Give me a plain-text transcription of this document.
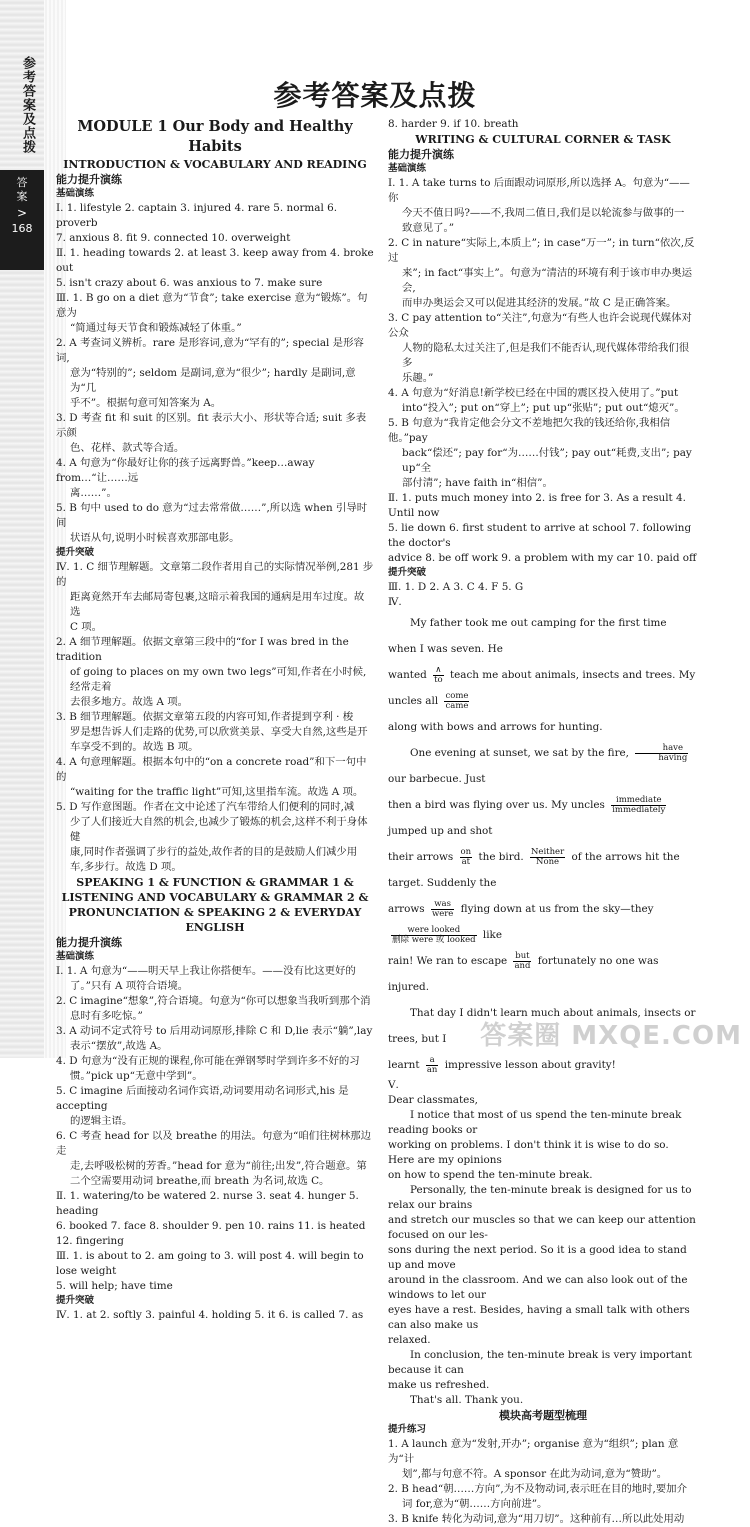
参考答案及点拨
答
案
>
168
参考答案及点拨
MODULE 1 Our Body and Healthy Habits
INTRODUCTION & VOCABULARY AND READING
能力提升演练
基础演练
Ⅰ. 1. lifestyle 2. captain 3. injured 4. rare 5. normal 6. proverb
7. anxious 8. fit 9. connected 10. overweight
Ⅱ. 1. heading towards 2. at least 3. keep away from 4. broke out
5. isn't crazy about 6. was anxious to 7. make sure
Ⅲ. 1. B go on a diet 意为“节食”; take exercise 意为“锻炼”。句意为
“简通过每天节食和锻炼减轻了体重。”
2. A 考查词义辨析。rare 是形容词,意为“罕有的”; special 是形容词,
意为“特别的”; seldom 是副词,意为“很少”; hardly 是副词,意为“几
乎不”。根据句意可知答案为 A。
3. D 考查 fit 和 suit 的区别。fit 表示大小、形状等合适; suit 多表示颜
色、花样、款式等合适。
4. A 句意为“你最好让你的孩子远离野兽。”keep…away from…“让……远
离……”。
5. B 句中 used to do 意为“过去常常做……”,所以选 when 引导时间
状语从句,说明小时候喜欢那部电影。
提升突破
Ⅳ. 1. C 细节理解题。文章第二段作者用自己的实际情况举例,281 步的
距离竟然开车去邮局寄包裹,这暗示着我国的通病是用车过度。故选
C 项。
2. A 细节理解题。依据文章第三段中的“for I was bred in the tradition
of going to places on my own two legs”可知,作者在小时候,经常走着
去很多地方。故选 A 项。
3. B 细节理解题。依据文章第五段的内容可知,作者提到亨利 · 梭
罗是想告诉人们走路的优势,可以欣赏美景、享受大自然,这些是开
车享受不到的。故选 B 项。
4. A 句意理解题。根据本句中的“on a concrete road”和下一句中的
“waiting for the traffic light”可知,这里指车流。故选 A 项。
5. D 写作意图题。作者在文中论述了汽车带给人们便利的同时,减
少了人们接近大自然的机会,也减少了锻炼的机会,这样不利于身体健
康,同时作者强调了步行的益处,故作者的目的是鼓励人们减少用
车,多步行。故选 D 项。
SPEAKING 1 & FUNCTION & GRAMMAR 1 &
LISTENING AND VOCABULARY & GRAMMAR 2 &
PRONUNCIATION & SPEAKING 2 & EVERYDAY ENGLISH
能力提升演练
基础演练
Ⅰ. 1. A 句意为“——明天早上我让你搭便车。——没有比这更好的
了。”只有 A 项符合语境。
2. C imagine“想象”,符合语境。句意为“你可以想象当我听到那个消
息时有多吃惊。”
3. A 动词不定式符号 to 后用动词原形,排除 C 和 D,lie 表示“躺”,lay
表示“摆放”,故选 A。
4. D 句意为“没有正规的课程,你可能在弹钢琴时学到许多不好的习
惯。”pick up“无意中学到”。
5. C imagine 后面接动名词作宾语,动词要用动名词形式,his 是 accepting
的逻辑主语。
6. C 考查 head for 以及 breathe 的用法。句意为“咱们往树林那边走
走,去呼吸松树的芳香。”head for 意为“前往;出发”,符合题意。第
二个空需要用动词 breathe,而 breath 为名词,故选 C。
Ⅱ. 1. watering/to be watered 2. nurse 3. seat 4. hunger 5. heading
6. booked 7. face 8. shoulder 9. pen 10. rains 11. is heated
12. fingering
Ⅲ. 1. is about to 2. am going to 3. will post 4. will begin to lose weight
5. will help; have time
提升突破
Ⅳ. 1. at 2. softly 3. painful 4. holding 5. it 6. is called 7. as
8. harder 9. if 10. breath
WRITING & CULTURAL CORNER & TASK
能力提升演练
基础演练
Ⅰ. 1. A take turns to 后面跟动词原形,所以选择 A。句意为“——你
今天不值日吗?——不,我周二值日,我们是以轮流参与做事的一
致意见了。”
2. C in nature“实际上,本质上”; in case“万一”; in turn“依次,反过
来”; in fact“事实上”。句意为“清洁的环境有利于该市申办奥运会,
而申办奥运会又可以促进其经济的发展。”故 C 是正确答案。
3. C pay attention to“关注”,句意为“有些人也许会说现代媒体对公众
人物的隐私太过关注了,但是我们不能否认,现代媒体带给我们很多
乐趣。”
4. A 句意为“好消息!新学校已经在中国的震区投入使用了。”put
into“投入”; put on“穿上”; put up“张贴”; put out“熄灭”。
5. B 句意为“我肯定他会分文不差地把欠我的钱还给你,我相信他。”pay
back“偿还”; pay for“为……付钱”; pay out“耗费,支出”; pay up“全
部付清”; have faith in“相信”。
Ⅱ. 1. puts much money into 2. is free for 3. As a result 4. Until now
5. lie down 6. first student to arrive at school 7. following the doctor's
advice 8. be off work 9. a problem with my car 10. paid off
提升突破
Ⅲ. 1. D 2. A 3. C 4. F 5. G
Ⅳ.
My father took me out camping for the first time when I was seven. He
wanted $\frac{\wedge}{to}$ teach me about animals, insects and trees. My uncles all $\frac{\text{come}}{\text{came}}$
along with bows and arrows for hunting.
One evening at sunset, we sat by the fire, $\frac{\text{have}}{\text{having}}$
our barbecue. Just
then a bird was flying over us. My uncles $\frac{\text{immediate}}{\text{immediately}}$
jumped up and shot
their arrows $\frac{on}{at}$ the bird. $\frac{\text{Neither}}{\text{None}}$ of the arrows hit the target. Suddenly the
arrows $\frac{\text{was}}{\text{were}}$ flying down at us from the sky—they
$\frac{\text{were looked}}{\text{删除 were 或 looked}}$ like
rain! We ran to escape $\frac{\text{but}}{\text{and}}$ fortunately no one was injured.
That day I didn't learn much about animals, insects or trees, but I
learnt $\frac{a}{an}$ impressive lesson about gravity!
Ⅴ.
Dear classmates,
I notice that most of us spend the ten-minute break reading books or
working on problems. I don't think it is wise to do so. Here are my opinions
on how to spend the ten-minute break.
Personally, the ten-minute break is designed for us to relax our brains
and stretch our muscles so that we can keep our attention focused on our les-
sons during the next period. So it is a good idea to stand up and move
around in the classroom. And we can also look out of the windows to let our
eyes have a rest. Besides, having a small talk with others can also make us
relaxed.
In conclusion, the ten-minute break is very important because it can
make us refreshed.
That's all. Thank you.
模块高考题型梳理
提升练习
1. A launch 意为“发射,开办”; organise 意为“组织”; plan 意为“计
划”,都与句意不符。A sponsor 在此为动词,意为“赞助”。
2. B head“朝……方向”,为不及物动词,表示旺在目的地时,要加介
词 for,意为“朝……方向前进”。
3. B knife 转化为动词,意为“用刀切”。这种前有…所以此处用动
答案圈 MXQE.COM
